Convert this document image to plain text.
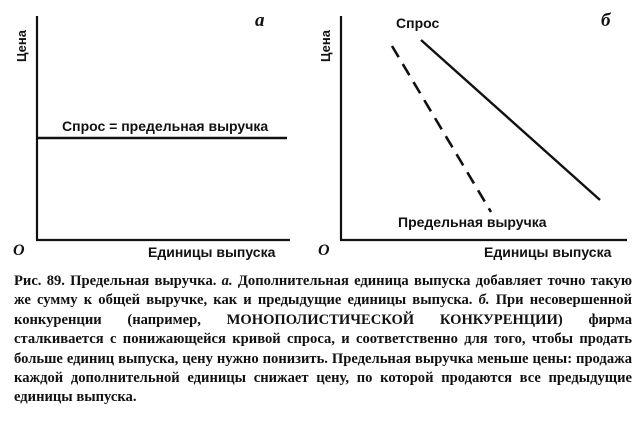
Цена
a
Спрос = предельная выручка
O	Единицы выпуска
Цена
б
Спрос
Предельная выручка
O	Единицы выпуска
Рис. 89. Предельная выручка. а. Дополнительная единица выпуска добавляет точно такую же сумму к общей выручке, как и предыдущие единицы выпуска. б. При несовершенной конкуренции (например, МОНОПОЛИСТИЧЕСКОЙ КОНКУРЕНЦИИ) фирма сталкивается с понижающейся кривой спроса, и соответственно для того, чтобы продать больше единиц выпуска, цену нужно понизить. Предельная выручка меньше цены: продажа каждой дополнительной единицы снижает цену, по которой продаются все предыдущие единицы выпуска.
